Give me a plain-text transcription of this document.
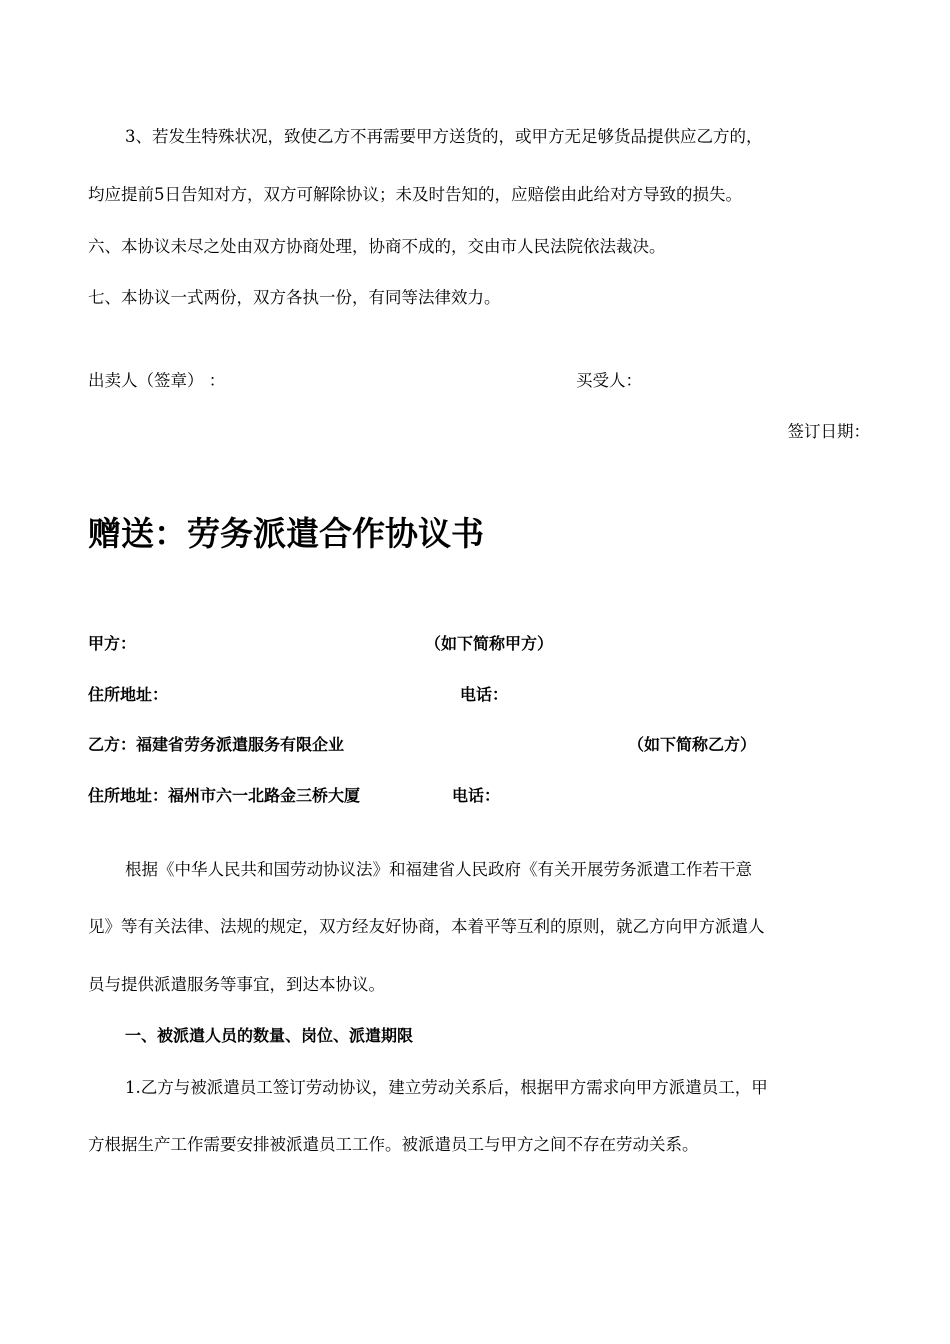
3、若发生特殊状况，致使乙方不再需要甲方送货的，或甲方无足够货品提供应乙方的，
均应提前5日告知对方，双方可解除协议；未及时告知的，应赔偿由此给对方导致的损失。
六、本协议未尽之处由双方协商处理，协商不成的，交由市人民法院依法裁决。
七、本协议一式两份，双方各执一份，有同等法律效力。
出卖人（签章） ：	买受人：
签订日期：
赠送：劳务派遣合作协议书
甲方：	（如下简称甲方）
住所地址：	电话：
乙方：福建省劳务派遣服务有限企业	（如下简称乙方）
住所地址：福州市六一北路金三桥大厦	电话：
根据《中华人民共和国劳动协议法》和福建省人民政府《有关开展劳务派遣工作若干意
见》等有关法律、法规的规定，双方经友好协商，本着平等互利的原则，就乙方向甲方派遣人
员与提供派遣服务等事宜，到达本协议。
一、被派遣人员的数量、岗位、派遣期限
1.乙方与被派遣员工签订劳动协议，建立劳动关系后，根据甲方需求向甲方派遣员工，甲
方根据生产工作需要安排被派遣员工工作。被派遣员工与甲方之间不存在劳动关系。
